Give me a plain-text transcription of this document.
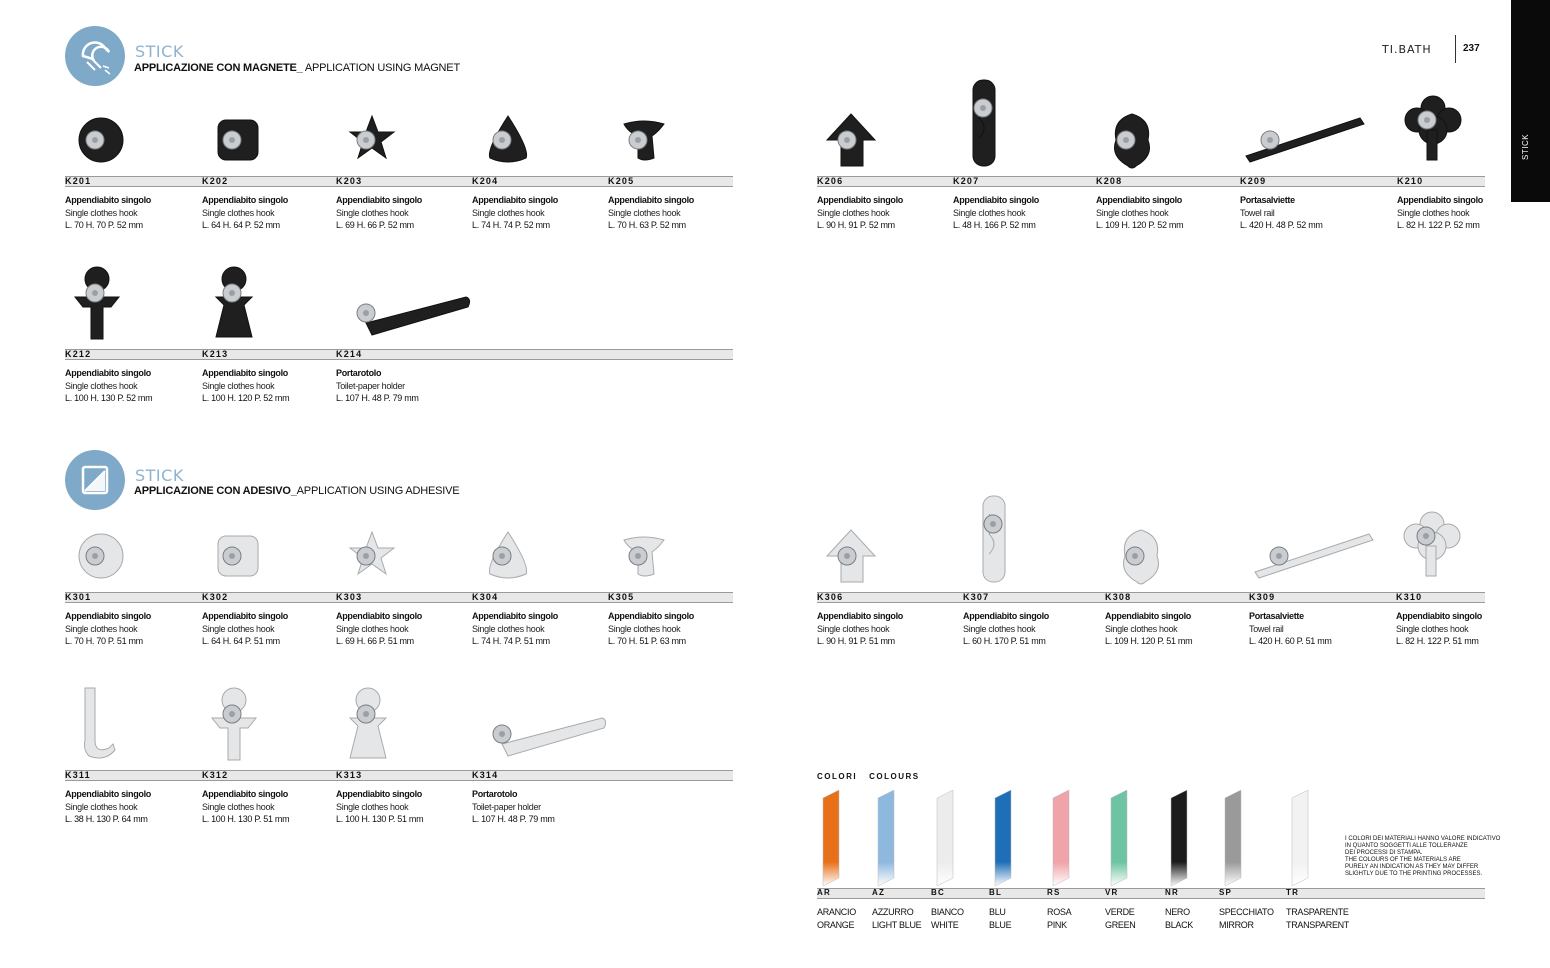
STICK
TI.BATH	237
STICK
APPLICAZIONE CON MAGNETE_ APPLICATION USING MAGNET
STICK
APPLICAZIONE CON ADESIVO_APPLICATION USING ADHESIVE
K201
Appendiabito singolo
Single clothes hook
L. 70 H. 70 P. 52 mm
K202
Appendiabito singolo
Single clothes hook
L. 64 H. 64 P. 52 mm
K203
Appendiabito singolo
Single clothes hook
L. 69 H. 66 P. 52 mm
K204
Appendiabito singolo
Single clothes hook
L. 74 H. 74 P. 52 mm
K205
Appendiabito singolo
Single clothes hook
L. 70 H. 63 P. 52 mm
K206
Appendiabito singolo
Single clothes hook
L. 90 H. 91 P. 52 mm
K207
Appendiabito singolo
Single clothes hook
L. 48 H. 166 P. 52 mm
K208
Appendiabito singolo
Single clothes hook
L. 109 H. 120 P. 52 mm
K209
Portasalviette
Towel rail
L. 420 H. 48 P. 52 mm
K210
Appendiabito singolo
Single clothes hook
L. 82 H. 122 P. 52 mm
K212
Appendiabito singolo
Single clothes hook
L. 100 H. 130 P. 52 mm
K213
Appendiabito singolo
Single clothes hook
L. 100 H. 120 P. 52 mm
K214
Portarotolo
Toilet-paper holder
L. 107 H. 48 P. 79 mm
K301
Appendiabito singolo
Single clothes hook
L. 70 H. 70 P. 51 mm
K302
Appendiabito singolo
Single clothes hook
L. 64 H. 64 P. 51 mm
K303
Appendiabito singolo
Single clothes hook
L. 69 H. 66 P. 51 mm
K304
Appendiabito singolo
Single clothes hook
L. 74 H. 74 P. 51 mm
K305
Appendiabito singolo
Single clothes hook
L. 70 H. 51 P. 63 mm
K306
Appendiabito singolo
Single clothes hook
L. 90 H. 91 P. 51 mm
K307
Appendiabito singolo
Single clothes hook
L. 60 H. 170 P. 51 mm
K308
Appendiabito singolo
Single clothes hook
L. 109 H. 120 P. 51 mm
K309
Portasalviette
Towel rail
L. 420 H. 60 P. 51 mm
K310
Appendiabito singolo
Single clothes hook
L. 82 H. 122 P. 51 mm
K311
Appendiabito singolo
Single clothes hook
L. 38 H. 130 P. 64 mm
K312
Appendiabito singolo
Single clothes hook
L. 100 H. 130 P. 51 mm
K313
Appendiabito singolo
Single clothes hook
L. 100 H. 130 P. 51 mm
K314
Portarotolo
Toilet-paper holder
L. 107 H. 48 P. 79 mm
COLORI COLOURS
AR
ARANCIO
ORANGE
AZ
AZZURRO
LIGHT BLUE
BC
BIANCO
WHITE
BL
BLU
BLUE
RS
ROSA
PINK
VR
VERDE
GREEN
NR
NERO
BLACK
SP
SPECCHIATO
MIRROR
TR
TRASPARENTE
TRANSPARENT
I COLORI DEI MATERIALI HANNO VALORE INDICATIVO
IN QUANTO SOGGETTI ALLE TOLLERANZE
DEI PROCESSI DI STAMPA.
THE COLOURS OF THE MATERIALS ARE
PURELY AN INDICATION AS THEY MAY DIFFER
SLIGHTLY DUE TO THE PRINTING PROCESSES.
